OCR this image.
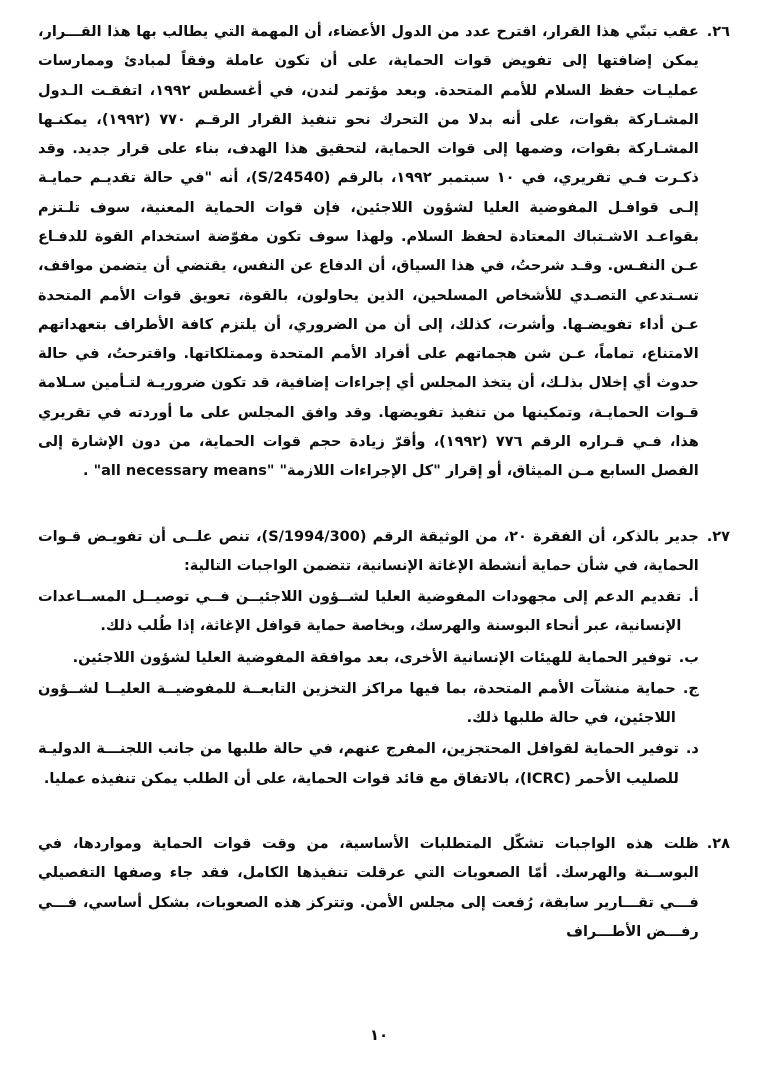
٢٦.
عقب تبنّي هذا القرار، اقترح عدد من الدول الأعضاء، أن المهمة التي يطالب بها هذا القـــرار، يمكن إضافتها إلى تفويض قوات الحماية، على أن تكون عاملة وفقاً لمبادئ وممارسات عمليـات حفظ السلام للأمم المتحدة. وبعد مؤتمر لندن، في أغسطس ١٩٩٢، اتفقـت الـدول المشـاركة بقوات، على أنه بدلا من التحرك نحو تنفيذ القرار الرقـم ٧٧٠ (١٩٩٢)، يمكنـها المشـاركة بقوات، وضمها إلى قوات الحماية، لتحقيق هذا الهدف، بناء على قرار جديد. وقد ذكـرت فـي تقريري، في ١٠ سبتمبر ١٩٩٢، بالرقم (S/24540)، أنه "في حالة تقديـم حمايـة إلـى قوافـل المفوضية العليا لشؤون اللاجئين، فإن قوات الحماية المعنية، سوف تلـتزم بقواعـد الاشـتباك المعتادة لحفظ السلام. ولهذا سوف تكون مفوّضة استخدام القوة للدفـاع عـن النفـس. وقـد شرحتُ، في هذا السياق، أن الدفاع عن النفس، يقتضي أن يتضمن مواقف، تسـتدعي التصـدي للأشخاص المسلحين، الذين يحاولون، بالقوة، تعويق قوات الأمم المتحدة عـن أداء تفويضـها. وأشرت، كذلك، إلى أن من الضروري، أن يلتزم كافة الأطراف بتعهداتهم الامتناع، تماماً، عـن شن هجماتهم على أفراد الأمم المتحدة وممتلكاتها. واقترحتُ، في حالة حدوث أي إخلال بذلـك، أن يتخذ المجلس أي إجراءات إضافية، قد تكون ضروريـة لتـأمين سـلامة قـوات الحمايـة، وتمكينها من تنفيذ تفويضها. وقد وافق المجلس على ما أوردته في تقريري هذا، فـي قـراره الرقم ٧٧٦ (١٩٩٢)، وأقرّ زيادة حجم قوات الحماية، من دون الإشارة إلى الفصل السابع مـن الميثاق، أو إقرار "كل الإجراءات اللازمة" "all necessary means" .
٢٧.
جدير بالذكر، أن الفقرة ٢٠، من الوثيقة الرقم (S/1994/300)، تنص علــى أن تفويـض قـوات الحماية، في شأن حماية أنشطة الإغاثة الإنسانية، تتضمن الواجبات التالية:
أ.
تقديم الدعم إلى مجهودات المفوضية العليا لشــؤون اللاجئيــن فــي توصيــل المســاعدات الإنسانية، عبر أنحاء البوسنة والهرسك، وبخاصة حماية قوافل الإغاثة، إذا طُلب ذلك.
ب.
توفير الحماية للهيئات الإنسانية الأخرى، بعد موافقة المفوضية العليا لشؤون اللاجئين.
ج.
حماية منشآت الأمم المتحدة، بما فيها مراكز التخزين التابعــة للمفوضيــة العليــا لشــؤون اللاجئين، في حالة طلبها ذلك.
د.
توفير الحماية لقوافل المحتجزين، المفرج عنهم، في حالة طلبها من جانب اللجنـــة الدوليـة للصليب الأحمر (ICRC)، بالاتفاق مع قائد قوات الحماية، على أن الطلب يمكن تنفيذه عمليا.
٢٨.
ظلت هذه الواجبات تشكّل المتطلبات الأساسية، من وقت قوات الحماية ومواردها، في البوســنة والهرسك. أمّا الصعوبات التي عرقلت تنفيذها الكامل، فقد جاء وصفها التفصيلي فـــي تقـــارير سابقة، رُفعت إلى مجلس الأمن. وتتركز هذه الصعوبات، بشكل أساسي، فـــي رفـــض الأطـــراف
١٠
